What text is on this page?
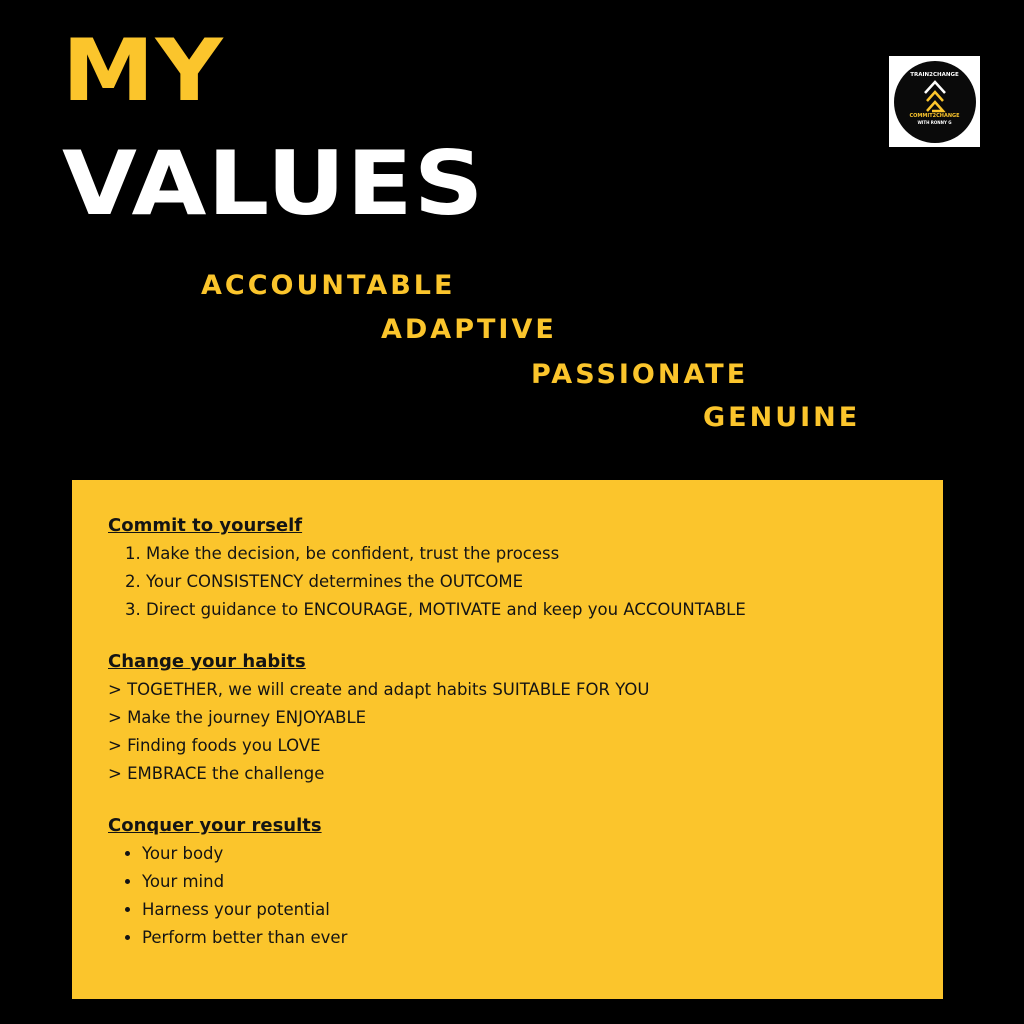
MY
VALUES
ACCOUNTABLE
ADAPTIVE
PASSIONATE
GENUINE
TRAIN2CHANGE
COMMIT2CHANGE
WITH RONNY G

Commit to yourself

1. Make the decision, be confident, trust the process
2. Your CONSISTENCY determines the OUTCOME
3. Direct guidance to ENCOURAGE, MOTIVATE and keep you ACCOUNTABLE

Change your habits

> TOGETHER, we will create and adapt habits SUITABLE FOR YOU

> Make the journey ENJOYABLE

> Finding foods you LOVE

> EMBRACE the challenge

Conquer your results

• Your body
• Your mind
• Harness your potential
• Perform better than ever
